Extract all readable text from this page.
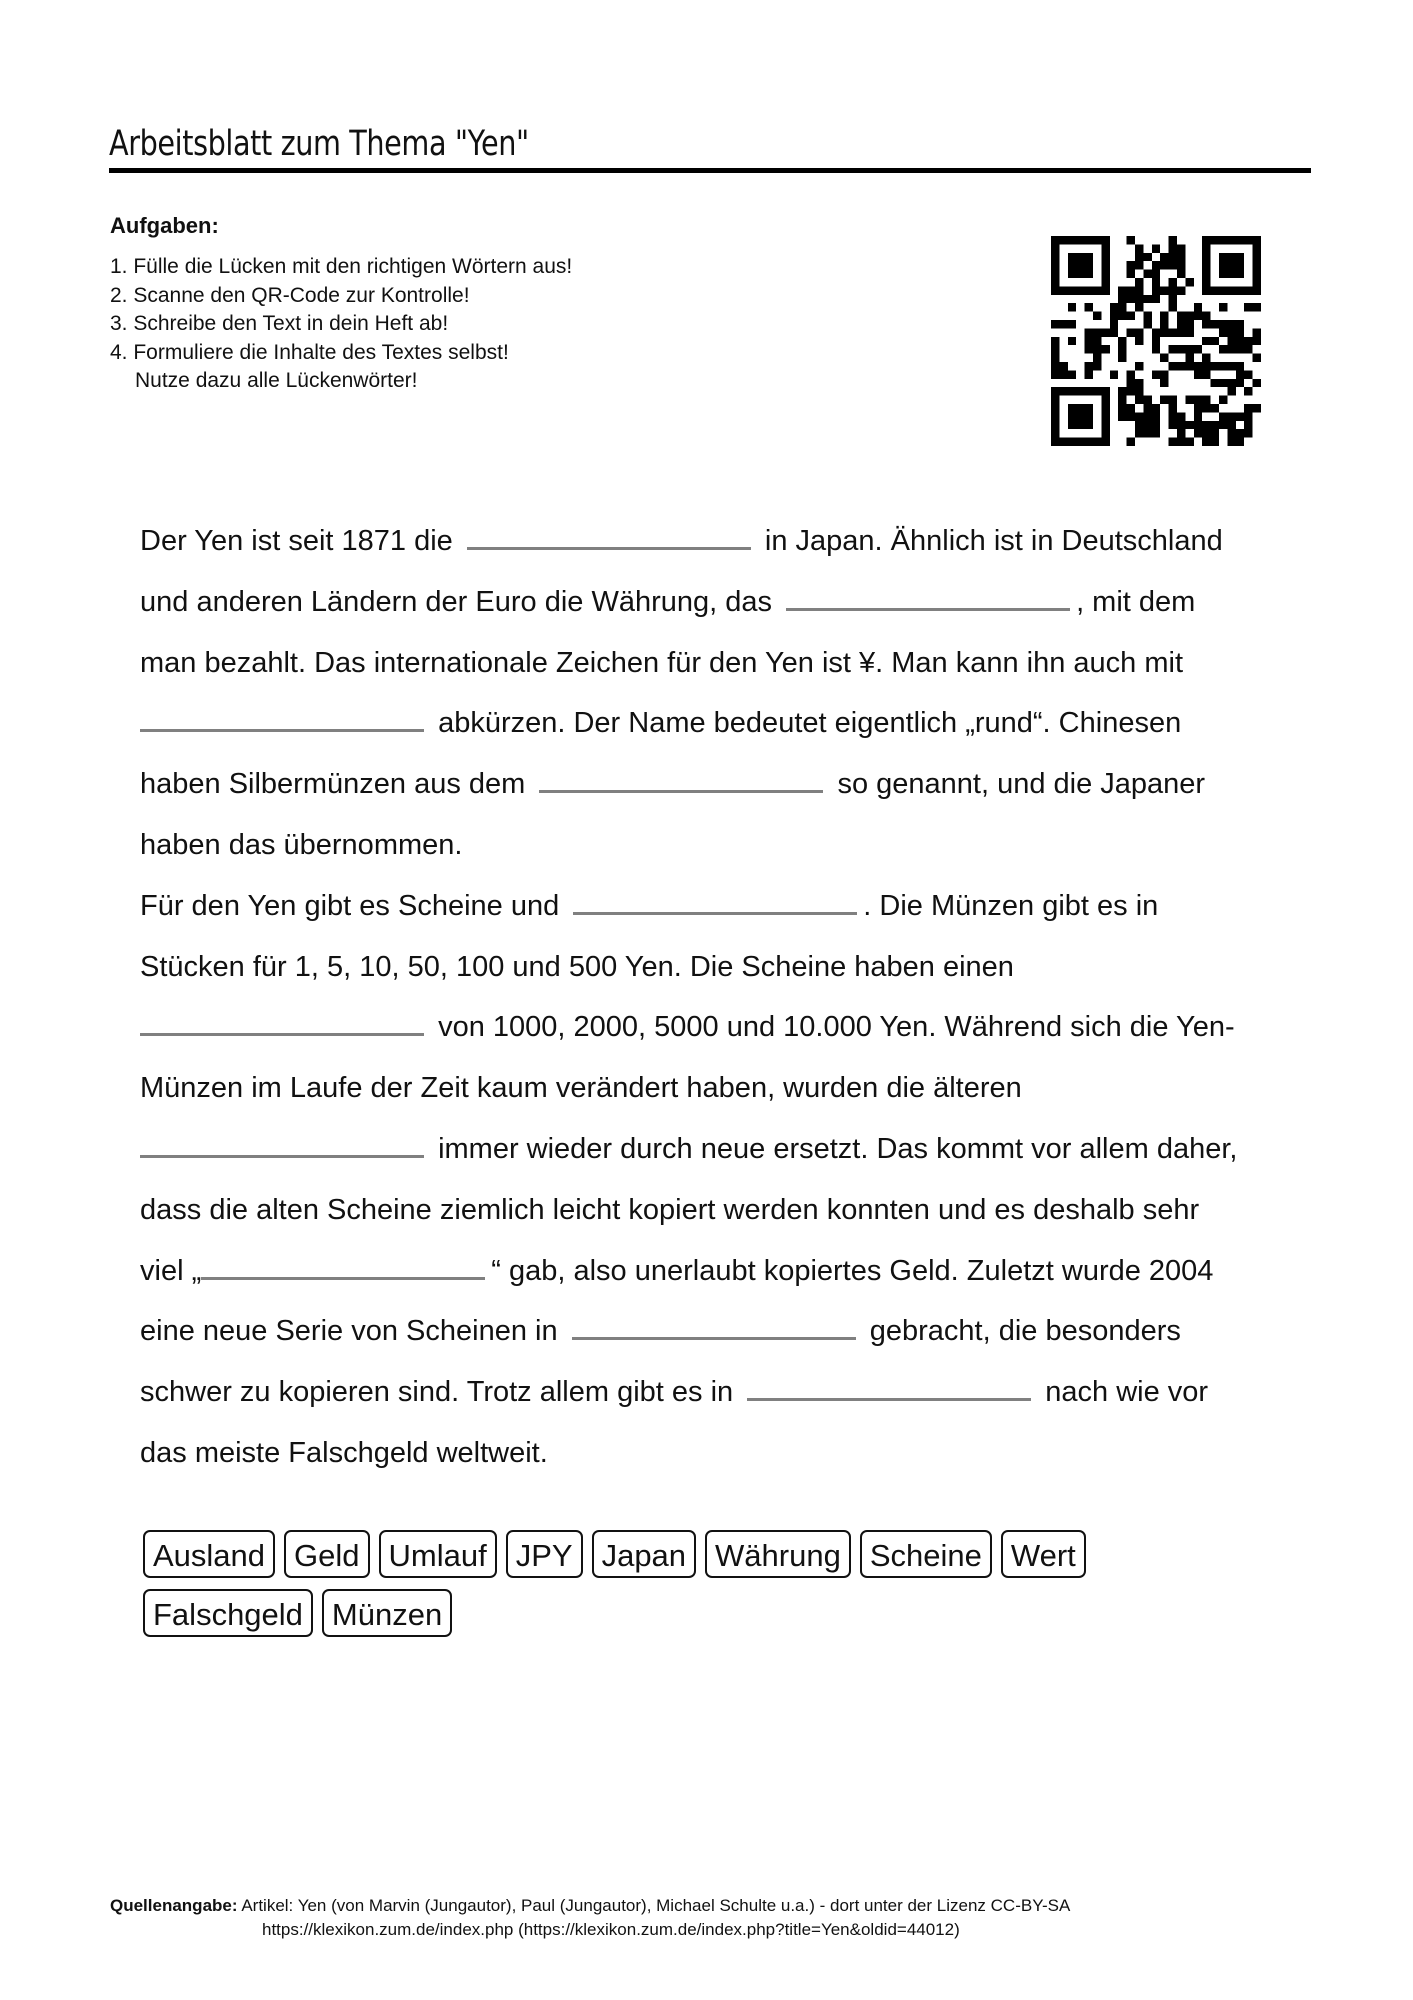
Arbeitsblatt zum Thema "Yen"
Aufgaben:
1. Fülle die Lücken mit den richtigen Wörtern aus!
2. Scanne den QR-Code zur Kontrolle!
3. Schreibe den Text in dein Heft ab!
4. Formuliere die Inhalte des Textes selbst!
Nutze dazu alle Lückenwörter!
Der Yen ist seit 1871 die	in Japan. Ähnlich ist in Deutschland
und anderen Ländern der Euro die Währung, das	, mit dem
man bezahlt. Das internationale Zeichen für den Yen ist ¥. Man kann ihn auch mit
abkürzen. Der Name bedeutet eigentlich „rund“. Chinesen
haben Silbermünzen aus dem	so genannt, und die Japaner
haben das übernommen.
Für den Yen gibt es Scheine und	. Die Münzen gibt es in
Stücken für 1, 5, 10, 50, 100 und 500 Yen. Die Scheine haben einen
von 1000, 2000, 5000 und 10.000 Yen. Während sich die Yen-
Münzen im Laufe der Zeit kaum verändert haben, wurden die älteren
immer wieder durch neue ersetzt. Das kommt vor allem daher,
dass die alten Scheine ziemlich leicht kopiert werden konnten und es deshalb sehr
viel „	“ gab, also unerlaubt kopiertes Geld. Zuletzt wurde 2004
eine neue Serie von Scheinen in	gebracht, die besonders
schwer zu kopieren sind. Trotz allem gibt es in	nach wie vor
das meiste Falschgeld weltweit.
Ausland Geld Umlauf JPY Japan Währung Scheine Wert
Falschgeld Münzen
Quellenangabe: Artikel: Yen (von Marvin (Jungautor), Paul (Jungautor), Michael Schulte u.a.) - dort unter der Lizenz CC-BY-SA
https://klexikon.zum.de/index.php (https://klexikon.zum.de/index.php?title=Yen&oldid=44012)
